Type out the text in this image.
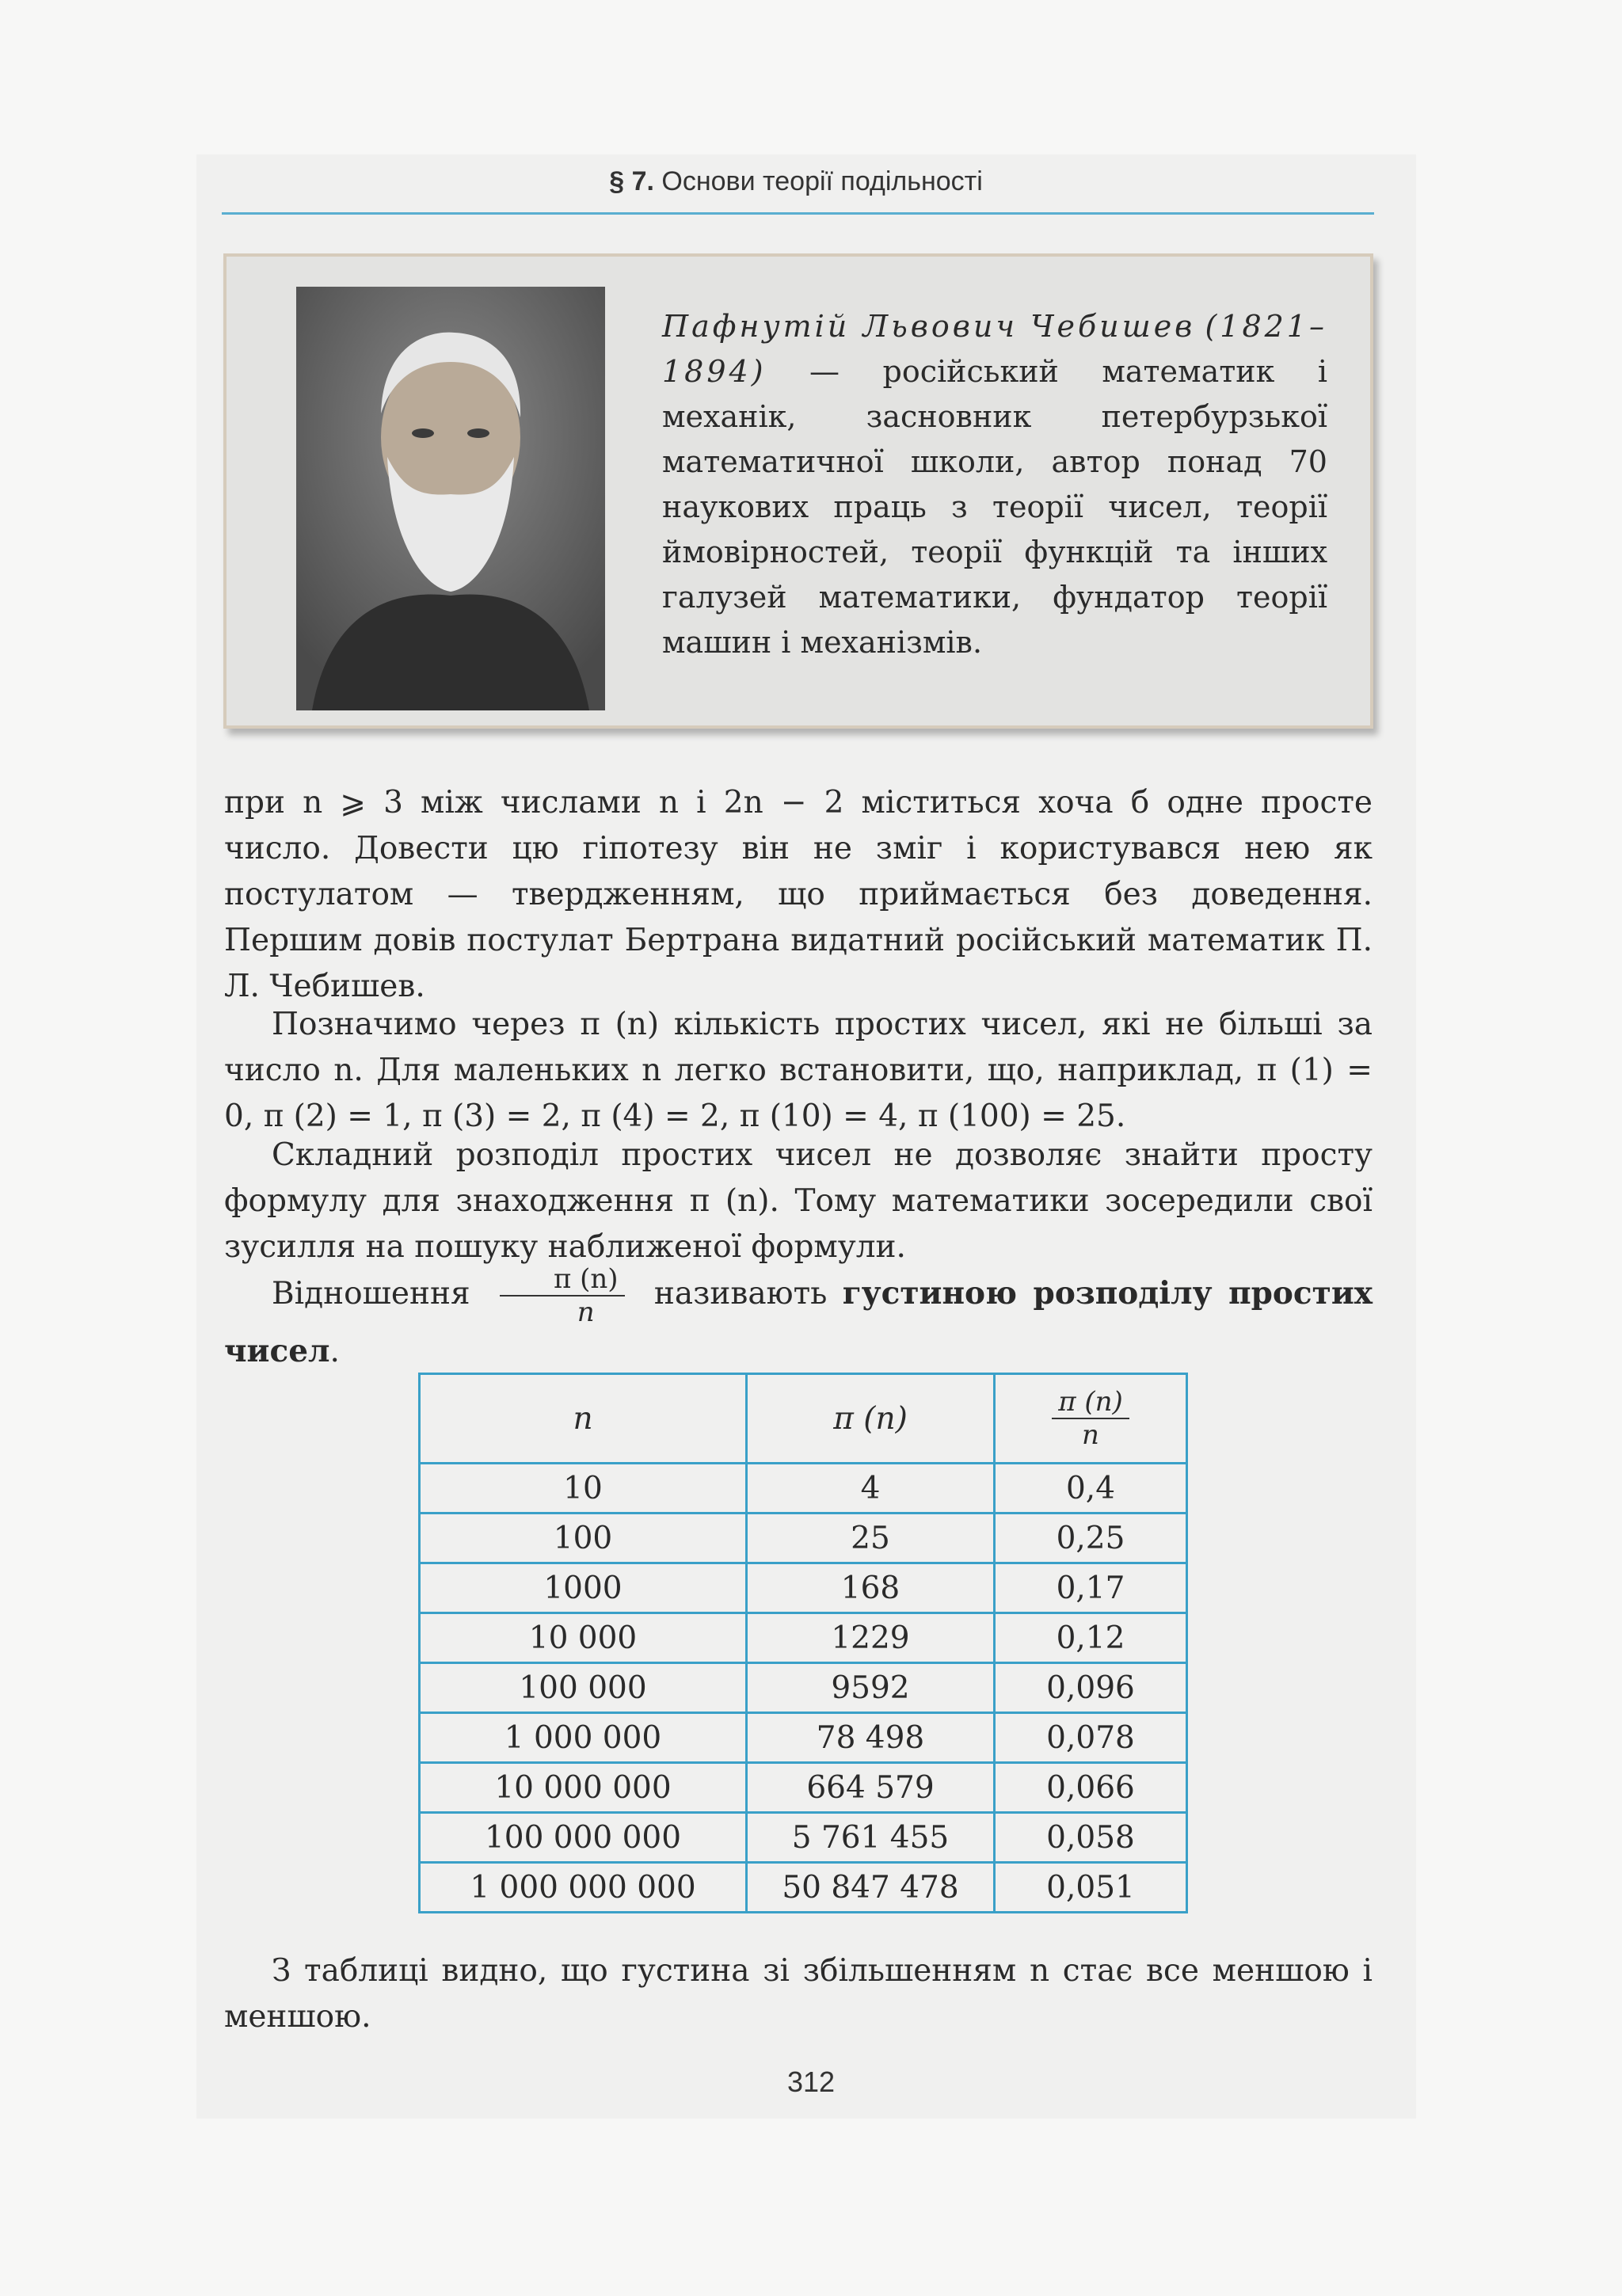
§ 7. Основи теорії подільності
Пафнутій Львович Чебишев (1821–1894) — російський математик і механік, засновник петербурзької математичної школи, автор понад 70 наукових праць з теорії чисел, теорії ймовірностей, теорії функцій та інших галузей математики, фундатор теорії машин і механізмів.
при n ⩾ 3 між числами n і 2n − 2 міститься хоча б одне просте число. Довести цю гіпотезу він не зміг і користувався нею як постулатом — твердженням, що приймається без доведення. Першим довів постулат Бертрана видатний російський математик П. Л. Чебишев.
Позначимо через π (n) кількість простих чисел, які не більші за число n. Для маленьких n легко встановити, що, наприклад, π (1) = 0, π (2) = 1, π (3) = 2, π (4) = 2, π (10) = 4, π (100) = 25.
Складний розподіл простих чисел не дозволяє знайти просту формулу для знаходження π (n). Тому математики зосередили свої зусилля на пошуку наближеної формули.
Відношення $\frac{\pi (n)}{n}$ називають густиною розподілу простих чисел.
n	π (n)	$\frac{\pi (n)}{n}$

10	4	0,4
100	25	0,25
1000	168	0,17
10 000	1229	0,12
100 000	9592	0,096
1 000 000	78 498	0,078
10 000 000	664 579	0,066
100 000 000	5 761 455	0,058
1 000 000 000	50 847 478	0,051
З таблиці видно, що густина зі збільшенням n стає все меншою і меншою.
312
